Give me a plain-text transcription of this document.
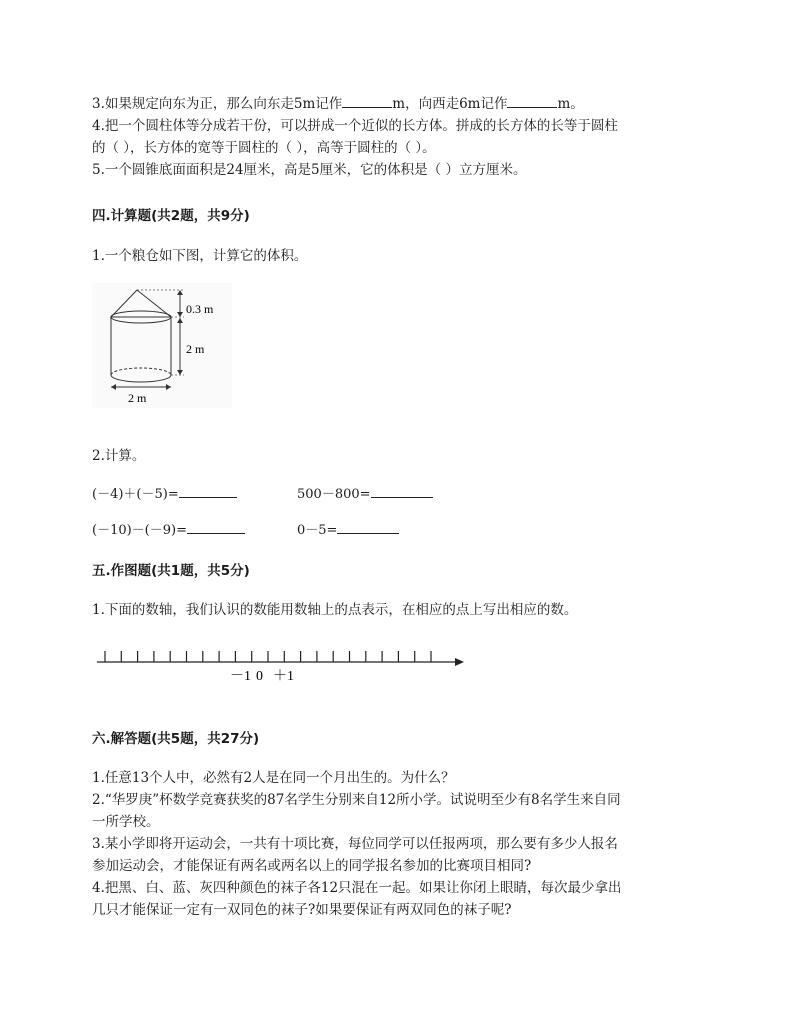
3.如果规定向东为正，那么向东走5m记作	m，向西走6m记作	m。
4.把一个圆柱体等分成若干份，可以拼成一个近似的长方体。拼成的长方体的长等于圆柱
的（ ），长方体的宽等于圆柱的（ ），高等于圆柱的（ ）。
5.一个圆锥底面面积是24厘米，高是5厘米，它的体积是（ ）立方厘米。
四.计算题(共2题，共9分)
1.一个粮仓如下图，计算它的体积。
0.3 m
2 m
2 m
2.计算。
(－4)＋(－5)=	500－800=
(－10)－(－9)=	0－5=
五.作图题(共1题，共5分)
1.下面的数轴，我们认识的数能用数轴上的点表示，在相应的点上写出相应的数。
－1 0 ＋1
六.解答题(共5题，共27分)
1.任意13个人中，必然有2人是在同一个月出生的。为什么？
2.“华罗庚”杯数学竞赛获奖的87名学生分别来自12所小学。试说明至少有8名学生来自同
一所学校。
3.某小学即将开运动会，一共有十项比赛，每位同学可以任报两项，那么要有多少人报名
参加运动会，才能保证有两名或两名以上的同学报名参加的比赛项目相同?
4.把黑、白、蓝、灰四种颜色的袜子各12只混在一起。如果让你闭上眼睛，每次最少拿出
几只才能保证一定有一双同色的袜子?如果要保证有两双同色的袜子呢?
